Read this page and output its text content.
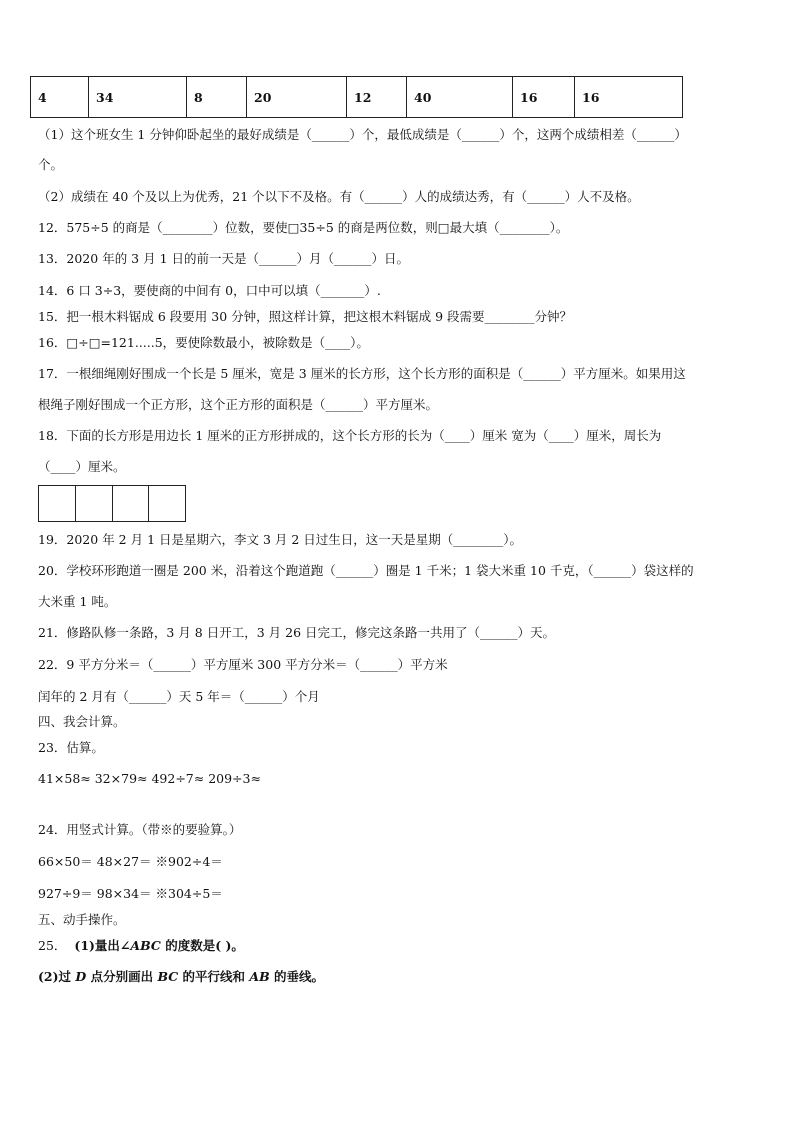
4	34	8	20	12	40	16	16
（1）这个班女生 1 分钟仰卧起坐的最好成绩是（______）个，最低成绩是（______）个，这两个成绩相差（______）
个。
（2）成绩在 40 个及以上为优秀，21 个以下不及格。有（______）人的成绩达秀，有（______）人不及格。
12．575÷5 的商是（________）位数，要使□35÷5 的商是两位数，则□最大填（________）。
13．2020 年的 3 月 1 日的前一天是（______）月（______）日。
14．6 口 3÷3，要使商的中间有 0，口中可以填（_______）.
15．把一根木料锯成 6 段要用 30 分钟，照这样计算，把这根木料锯成 9 段需要________分钟？
16．□÷□=121.....5，要使除数最小，被除数是（____）。
17．一根细绳刚好围成一个长是 5 厘米，宽是 3 厘米的长方形，这个长方形的面积是（______）平方厘米。如果用这
根绳子刚好围成一个正方形，这个正方形的面积是（______）平方厘米。
18．下面的长方形是用边长 1 厘米的正方形拼成的，这个长方形的长为（____）厘米 宽为（____）厘米，周长为
（____）厘米。
19．2020 年 2 月 1 日是星期六，李文 3 月 2 日过生日，这一天是星期（________）。
20．学校环形跑道一圈是 200 米，沿着这个跑道跑（______）圈是 1 千米；1 袋大米重 10 千克，（______）袋这样的
大米重 1 吨。
21．修路队修一条路，3 月 8 日开工，3 月 26 日完工，修完这条路一共用了（______）天。
22．9 平方分米＝（______）平方厘米 300 平方分米＝（______）平方米
闰年的 2 月有（______）天 5 年＝（______）个月
四、我会计算。
23．估算。
41×58≈ 32×79≈ 492÷7≈ 209÷3≈
24．用竖式计算。（带※的要验算。）
66×50＝ 48×27＝ ※902÷4＝
927÷9＝ 98×34＝ ※304÷5＝
五、动手操作。
25． (1)量出∠ABC 的度数是( )。
(2)过 D 点分别画出 BC 的平行线和 AB 的垂线。
